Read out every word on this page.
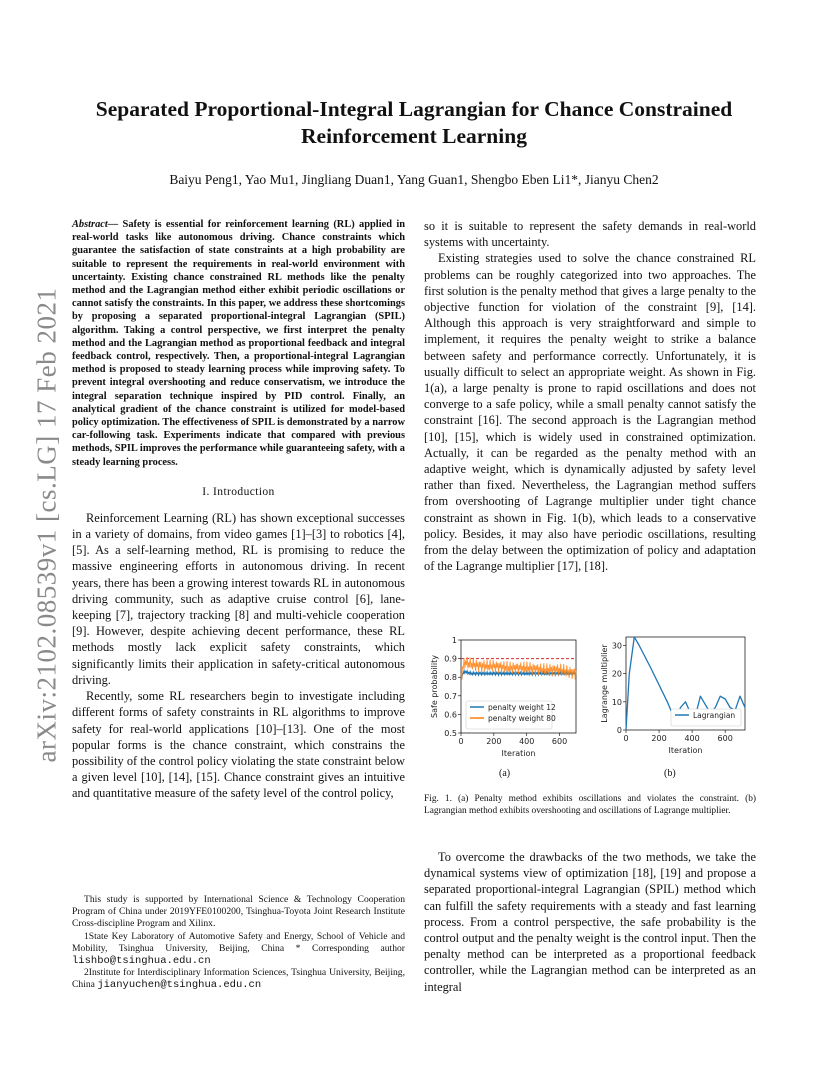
arXiv:2102.08539v1 [cs.LG] 17 Feb 2021
Separated Proportional-Integral Lagrangian for Chance Constrained Reinforcement Learning
Baiyu Peng1, Yao Mu1, Jingliang Duan1, Yang Guan1, Shengbo Eben Li1*, Jianyu Chen2

Abstract— Safety is essential for reinforcement learning (RL) applied in real-world tasks like autonomous driving. Chance constraints which guarantee the satisfaction of state constraints at a high probability are suitable to represent the requirements in real-world environment with uncertainty. Existing chance constrained RL methods like the penalty method and the Lagrangian method either exhibit periodic oscillations or cannot satisfy the constraints. In this paper, we address these shortcomings by proposing a separated proportional-integral Lagrangian (SPIL) algorithm. Taking a control perspective, we first interpret the penalty method and the Lagrangian method as proportional feedback and integral feedback control, respectively. Then, a proportional-integral Lagrangian method is proposed to steady learning process while improving safety. To prevent integral overshooting and reduce conservatism, we introduce the integral separation technique inspired by PID control. Finally, an analytical gradient of the chance constraint is utilized for model-based policy optimization. The effectiveness of SPIL is demonstrated by a narrow car-following task. Experiments indicate that compared with previous methods, SPIL improves the performance while guaranteeing safety, with a steady learning process.

I. Introduction

Reinforcement Learning (RL) has shown exceptional successes in a variety of domains, from video games [1]–[3] to robotics [4], [5]. As a self-learning method, RL is promising to reduce the massive engineering efforts in autonomous driving. In recent years, there has been a growing interest towards RL in autonomous driving community, such as adaptive cruise control [6], lane-keeping [7], trajectory tracking [8] and multi-vehicle cooperation [9]. However, despite achieving decent performance, these RL methods mostly lack explicit safety constraints, which significantly limits their application in safety-critical autonomous driving.

Recently, some RL researchers begin to investigate including different forms of safety constraints in RL algorithms to improve safety for real-world applications [10]–[13]. One of the most popular forms is the chance constraint, which constrains the possibility of the control policy violating the state constraint below a given level [10], [14], [15]. Chance constraint gives an intuitive and quantitative measure of the safety level of the control policy,

This study is supported by International Science & Technology Cooperation Program of China under 2019YFE0100200, Tsinghua-Toyota Joint Research Institute Cross-discipline Program and Xilinx.

1State Key Laboratory of Automotive Safety and Energy, School of Vehicle and Mobility, Tsinghua University, Beijing, China * Corresponding author lishbo@tsinghua.edu.cn

2Institute for Interdisciplinary Information Sciences, Tsinghua University, Beijing, China jianyuchen@tsinghua.edu.cn

so it is suitable to represent the safety demands in real-world systems with uncertainty.

Existing strategies used to solve the chance constrained RL problems can be roughly categorized into two approaches. The first solution is the penalty method that gives a large penalty to the objective function for violation of the constraint [9], [14]. Although this approach is very straightforward and simple to implement, it requires the penalty weight to strike a balance between safety and performance correctly. Unfortunately, it is usually difficult to select an appropriate weight. As shown in Fig. 1(a), a large penalty is prone to rapid oscillations and does not converge to a safe policy, while a small penalty cannot satisfy the constraint [16]. The second approach is the Lagrangian method [10], [15], which is widely used in constrained optimization. Actually, it can be regarded as the penalty method with an adaptive weight, which is dynamically adjusted by safety level rather than fixed. Nevertheless, the Lagrangian method suffers from overshooting of Lagrange multiplier under tight chance constraint as shown in Fig. 1(b), which leads to a conservative policy. Besides, it may also have periodic oscillations, resulting from the delay between the optimization of policy and adaptation of the Lagrange multiplier [17], [18].

0	200 400 600
0.5
0.6
0.7
0.8
0.9
1
Iteration
Safe probability	penalty weight 12
penalty weight 80
0	200 400 600
0
10
20
30
Iteration
Lagrange multiplier	Lagrangian
(a)	(b)
Fig. 1. (a) Penalty method exhibits oscillations and violates the constraint. (b) Lagrangian method exhibits overshooting and oscillations of Lagrange multiplier.

To overcome the drawbacks of the two methods, we take the dynamical systems view of optimization [18], [19] and propose a separated proportional-integral Lagrangian (SPIL) method which can fulfill the safety requirements with a steady and fast learning process. From a control perspective, the safe probability is the control output and the penalty weight is the control input. Then the penalty method can be interpreted as a proportional feedback controller, while the Lagrangian method can be interpreted as an integral
